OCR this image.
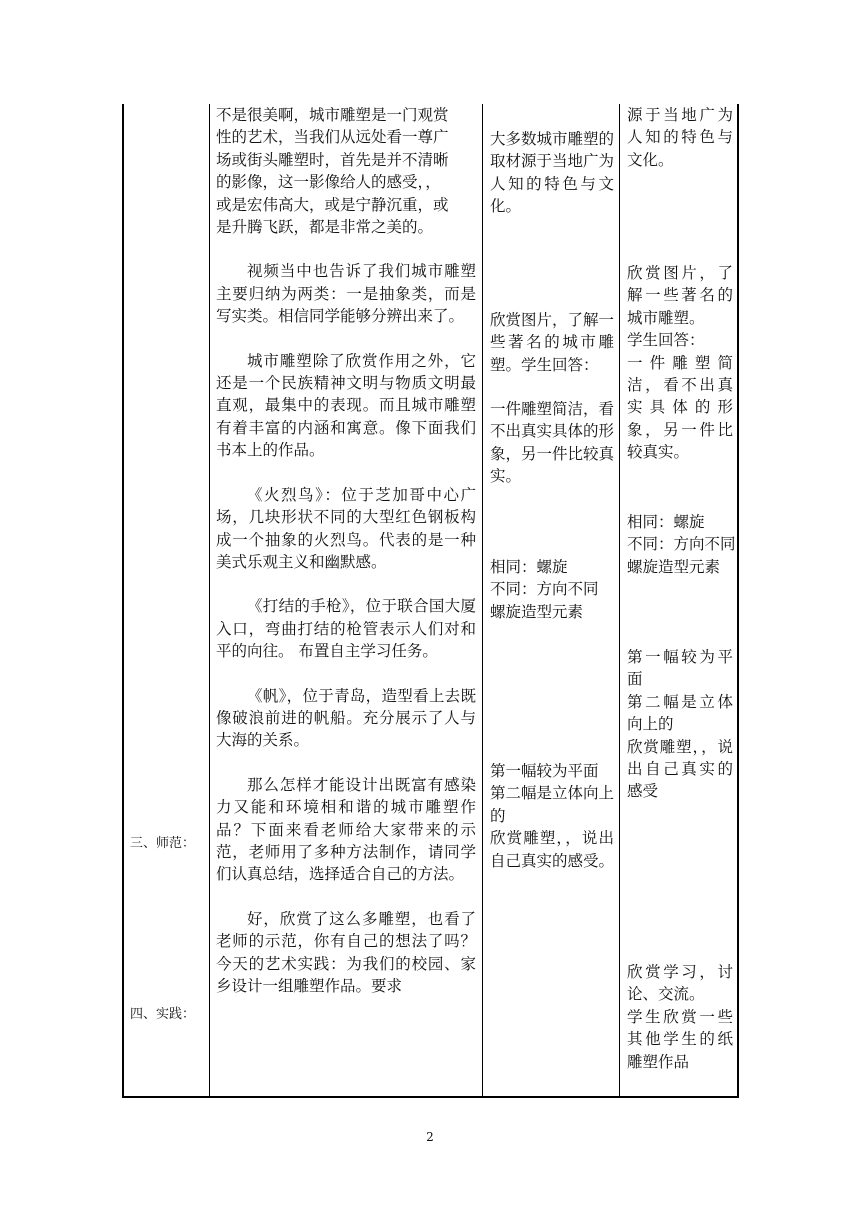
三、师范：
四、实践：
不是很美啊，城市雕塑是一门观赏
性的艺术，当我们从远处看一尊广
场或街头雕塑时，首先是并不清晰
的影像，这一影像给人的感受，，
或是宏伟高大，或是宁静沉重，或
是升腾飞跃，都是非常之美的。

视频当中也告诉了我们城市雕塑主要归纳为两类：一是抽象类，而是写实类。相信同学能够分辨出来了。

城市雕塑除了欣赏作用之外，它还是一个民族精神文明与物质文明最直观，最集中的表现。而且城市雕塑有着丰富的内涵和寓意。像下面我们书本上的作品。

《火烈鸟》：位于芝加哥中心广场，几块形状不同的大型红色钢板构成一个抽象的火烈鸟。代表的是一种美式乐观主义和幽默感。

《打结的手枪》，位于联合国大厦入口，弯曲打结的枪管表示人们对和平的向往。 布置自主学习任务。

《帆》，位于青岛，造型看上去既像破浪前进的帆船。充分展示了人与大海的关系。

那么怎样才能设计出既富有感染力又能和环境相和谐的城市雕塑作品？下面来看老师给大家带来的示范，老师用了多种方法制作，请同学们认真总结，选择适合自己的方法。

好，欣赏了这么多雕塑，也看了老师的示范，你有自己的想法了吗？今天的艺术实践：为我们的校园、家乡设计一组雕塑作品。要求

大多数城市雕塑的取材源于当地广为人知的特色与文化。
欣赏图片，了解一些著名的城市雕塑。学生回答：
一件雕塑简洁，看不出真实具体的形象，另一件比较真实。
相同：螺旋
不同：方向不同
螺旋造型元素
第一幅较为平面
第二幅是立体向上的
欣赏雕塑，，说出自己真实的感受。
源于当地广为人知的特色与文化。
欣赏图片，了解一些著名的城市雕塑。
学生回答：
一件雕塑简洁，看不出真实具体的形象，另一件比较真实。
相同：螺旋
不同：方向不同
螺旋造型元素
第一幅较为平面
第二幅是立体向上的
欣赏雕塑，，说出自己真实的感受
欣赏学习，讨论、交流。
学生欣赏一些其他学生的纸雕塑作品
2
